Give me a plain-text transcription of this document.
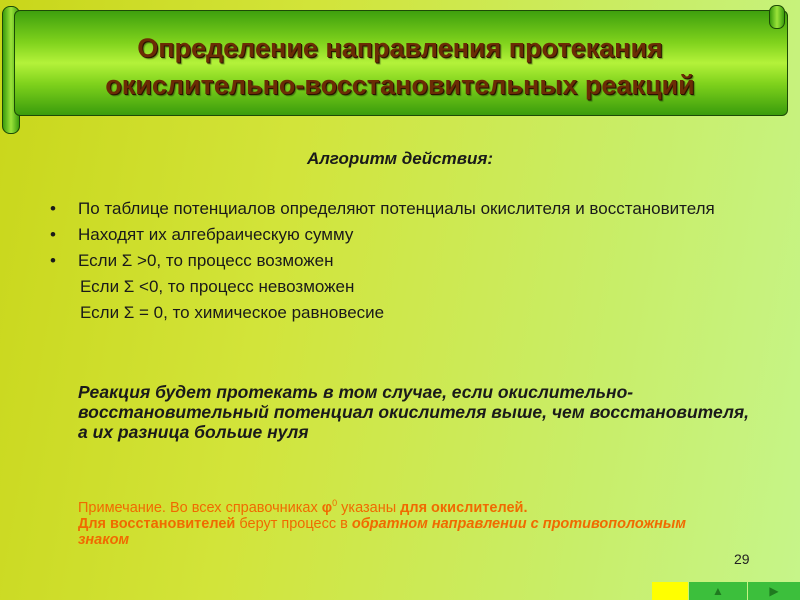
Определение направления протекания
окислительно-восстановительных реакций
Алгоритм действия:
• По таблице потенциалов определяют потенциалы окислителя и восстановителя
• Находят их алгебраическую сумму
• Если Σ >0, то процесс возможен
Если Σ <0, то процесс невозможен
Если Σ = 0, то химическое равновесие
Реакция будет протекать в том случае, если окислительно-восстановительный потенциал окислителя выше, чем восстановителя, а их разница больше нуля
Примечание. Во всех справочниках $\varphi^0$ указаны для окислителей.
Для восстановителей берут процесс в обратном направлении с противоположным знаком
29
▲	▶
